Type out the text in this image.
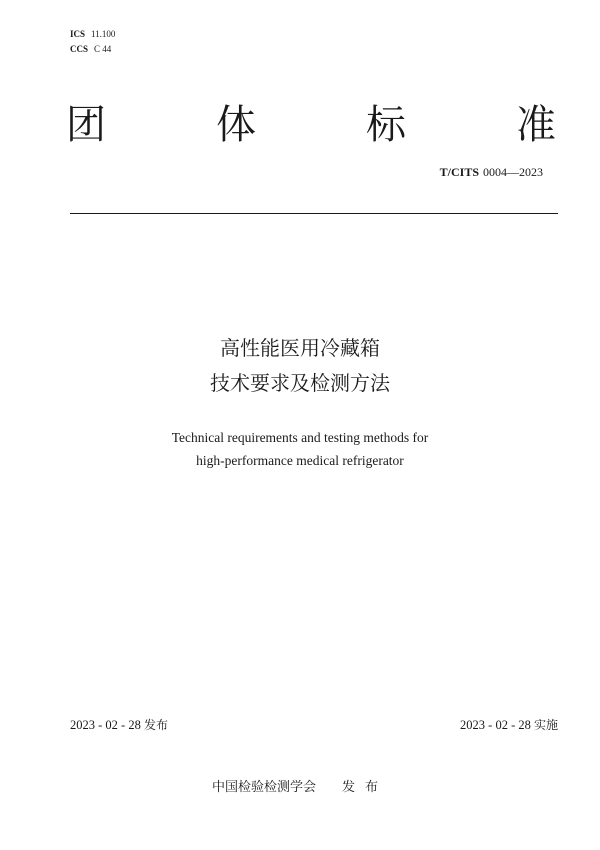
ICS 11.100
CCS C 44
团	体	标	准
T/CITS 0004—2023
高性能医用冷藏箱
技术要求及检测方法
Technical requirements and testing methods for
high-performance medical refrigerator
2023 - 02 - 28 发布	2023 - 02 - 28 实施
中国检验检测学会 发布
